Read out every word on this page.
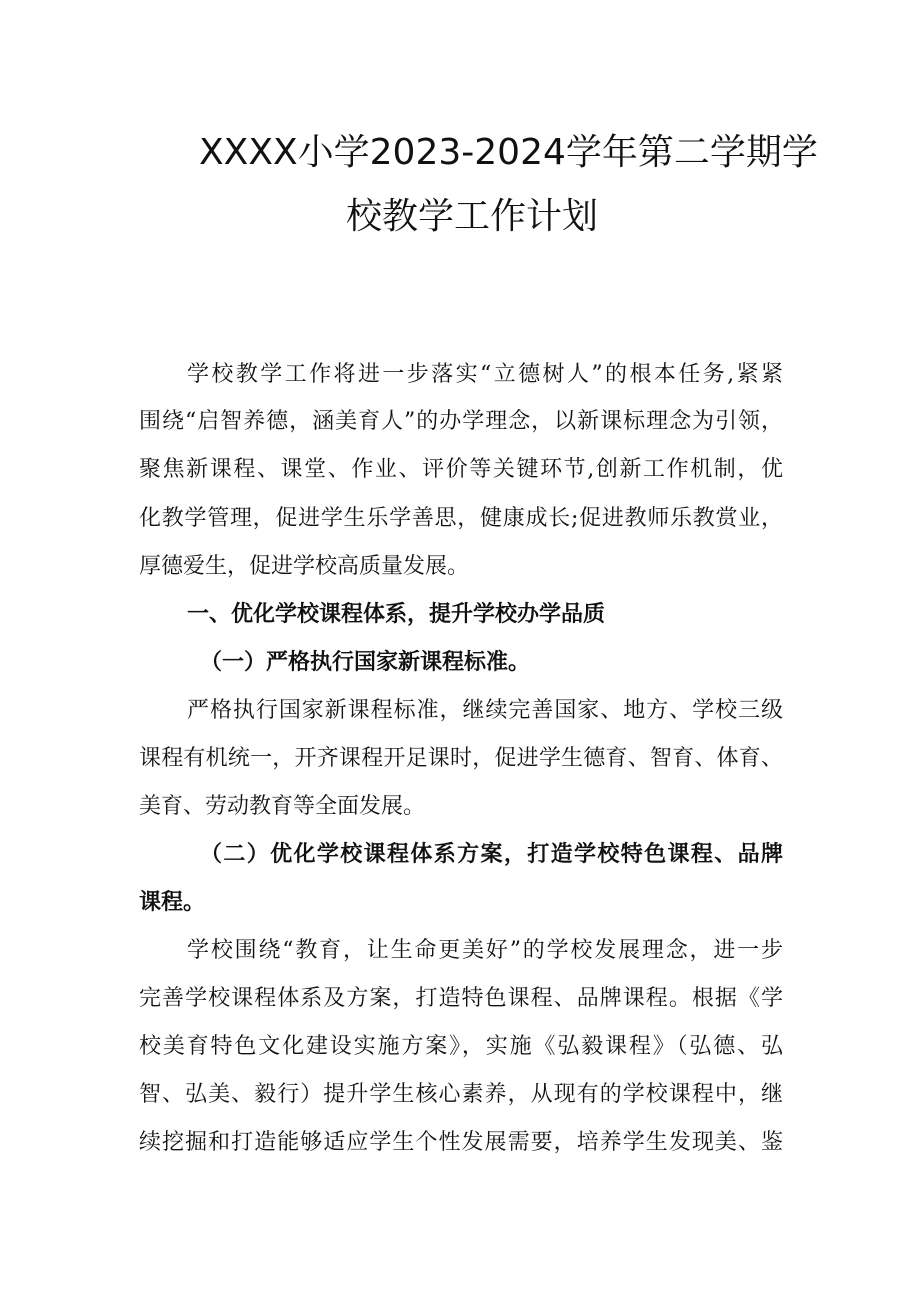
XXXX小学2023-2024学年第二学期学
校教学工作计划
学校教学工作将进一步落实“立德树人”的根本任务,紧紧
围绕“启智养德，涵美育人”的办学理念，以新课标理念为引领，
聚焦新课程、课堂、作业、评价等关键环节,创新工作机制，优
化教学管理，促进学生乐学善思，健康成长;促进教师乐教赏业，
厚德爱生，促进学校高质量发展。
一、优化学校课程体系，提升学校办学品质
（一）严格执行国家新课程标准。
严格执行国家新课程标准，继续完善国家、地方、学校三级
课程有机统一，开齐课程开足课时，促进学生德育、智育、体育、
美育、劳动教育等全面发展。
（二）优化学校课程体系方案，打造学校特色课程、品牌
课程。
学校围绕“教育，让生命更美好”的学校发展理念，进一步
完善学校课程体系及方案，打造特色课程、品牌课程。根据《学
校美育特色文化建设实施方案》，实施《弘毅课程》（弘德、弘
智、弘美、毅行）提升学生核心素养，从现有的学校课程中，继
续挖掘和打造能够适应学生个性发展需要，培养学生发现美、鉴
